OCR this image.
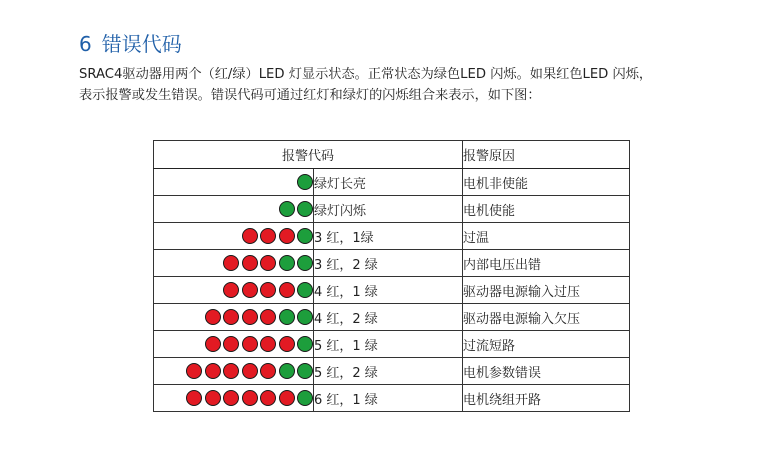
6 错误代码
SRAC4驱动器用两个（红/绿）LED 灯显示状态。正常状态为绿色LED 闪烁。如果红色LED 闪烁，
表示报警或发生错误。错误代码可通过红灯和绿灯的闪烁组合来表示，如下图：
报警代码		报警原因
	绿灯长亮	电机非使能
	绿灯闪烁	电机使能
	3 红，1绿	过温
	3 红，2 绿	内部电压出错
	4 红，1 绿	驱动器电源输入过压
	4 红，2 绿	驱动器电源输入欠压
	5 红，1 绿	过流短路
	5 红，2 绿	电机参数错误
	6 红，1 绿	电机绕组开路
